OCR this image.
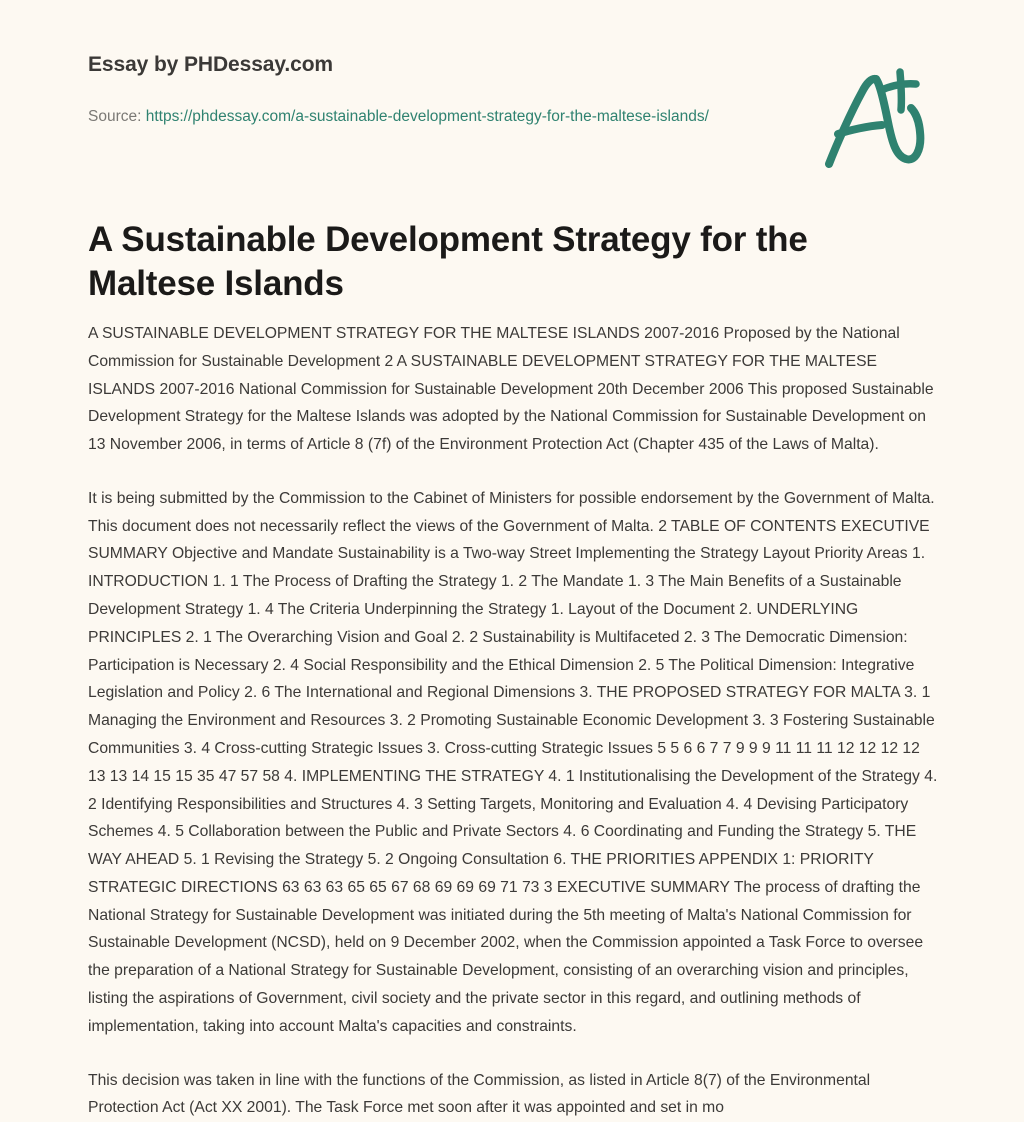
Essay by PHDessay.com
Source: https://phdessay.com/a-sustainable-development-strategy-for-the-maltese-islands/
A Sustainable Development Strategy for the Maltese Islands

A SUSTAINABLE DEVELOPMENT STRATEGY FOR THE MALTESE ISLANDS 2007-2016 Proposed by the National Commission for Sustainable Development 2 A SUSTAINABLE DEVELOPMENT STRATEGY FOR THE MALTESE ISLANDS 2007-2016 National Commission for Sustainable Development 20th December 2006 This proposed Sustainable Development Strategy for the Maltese Islands was adopted by the National Commission for Sustainable Development on 13 November 2006, in terms of Article 8 (7f) of the Environment Protection Act (Chapter 435 of the Laws of Malta).

It is being submitted by the Commission to the Cabinet of Ministers for possible endorsement by the Government of Malta. This document does not necessarily reflect the views of the Government of Malta. 2 TABLE OF CONTENTS EXECUTIVE SUMMARY Objective and Mandate Sustainability is a Two-way Street Implementing the Strategy Layout Priority Areas 1. INTRODUCTION 1. 1 The Process of Drafting the Strategy 1. 2 The Mandate 1. 3 The Main Benefits of a Sustainable Development Strategy 1. 4 The Criteria Underpinning the Strategy 1. Layout of the Document 2. UNDERLYING PRINCIPLES 2. 1 The Overarching Vision and Goal 2. 2 Sustainability is Multifaceted 2. 3 The Democratic Dimension: Participation is Necessary 2. 4 Social Responsibility and the Ethical Dimension 2. 5 The Political Dimension: Integrative Legislation and Policy 2. 6 The International and Regional Dimensions 3. THE PROPOSED STRATEGY FOR MALTA 3. 1 Managing the Environment and Resources 3. 2 Promoting Sustainable Economic Development 3. 3 Fostering Sustainable Communities 3. 4 Cross-cutting Strategic Issues 3. Cross-cutting Strategic Issues 5 5 6 6 7 7 9 9 9 11 11 11 12 12 12 12 13 13 14 15 15 35 47 57 58 4. IMPLEMENTING THE STRATEGY 4. 1 Institutionalising the Development of the Strategy 4. 2 Identifying Responsibilities and Structures 4. 3 Setting Targets, Monitoring and Evaluation 4. 4 Devising Participatory Schemes 4. 5 Collaboration between the Public and Private Sectors 4. 6 Coordinating and Funding the Strategy 5. THE WAY AHEAD 5. 1 Revising the Strategy 5. 2 Ongoing Consultation 6. THE PRIORITIES APPENDIX 1: PRIORITY STRATEGIC DIRECTIONS 63 63 63 65 65 67 68 69 69 69 71 73 3 EXECUTIVE SUMMARY The process of drafting the National Strategy for Sustainable Development was initiated during the 5th meeting of Malta's National Commission for Sustainable Development (NCSD), held on 9 December 2002, when the Commission appointed a Task Force to oversee the preparation of a National Strategy for Sustainable Development, consisting of an overarching vision and principles, listing the aspirations of Government, civil society and the private sector in this regard, and outlining methods of implementation, taking into account Malta's capacities and constraints.

This decision was taken in line with the functions of the Commission, as listed in Article 8(7) of the Environmental Protection Act (Act XX 2001). The Task Force met soon after it was appointed and set in mo
